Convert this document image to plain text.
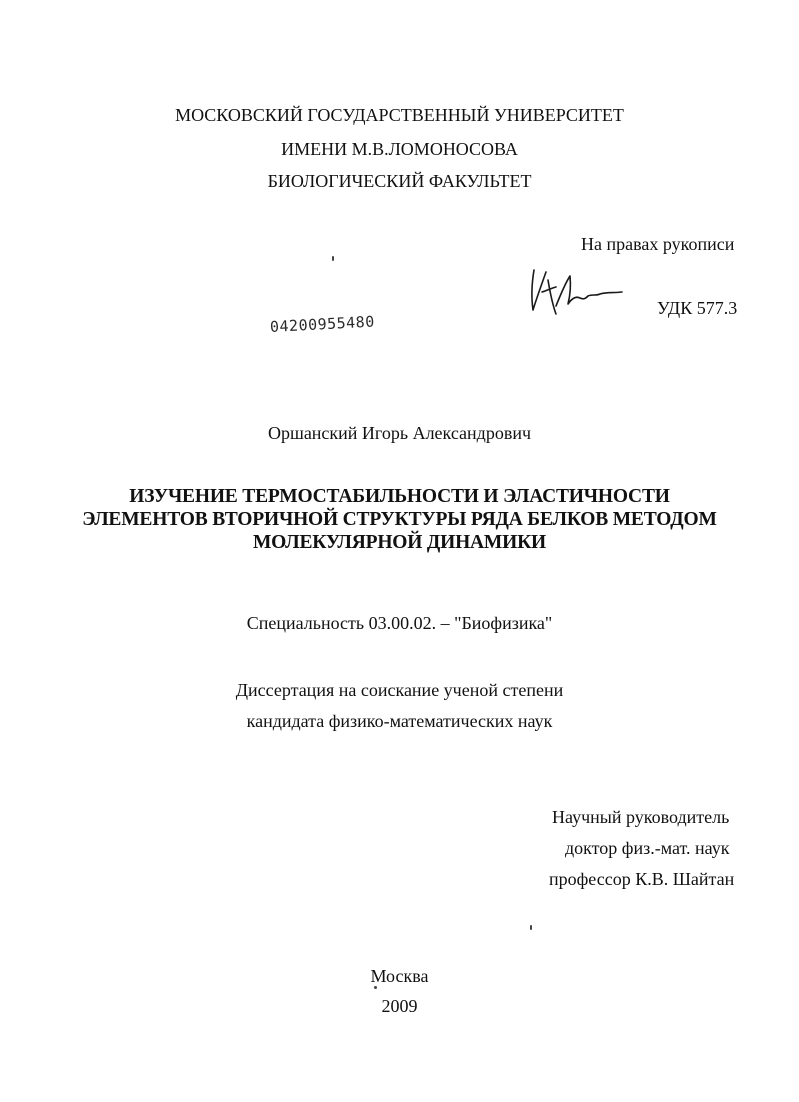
МОСКОВСКИЙ ГОСУДАРСТВЕННЫЙ УНИВЕРСИТЕТ
ИМЕНИ М.В.ЛОМОНОСОВА
БИОЛОГИЧЕСКИЙ ФАКУЛЬТЕТ
На правах рукописи
УДК 577.3
04200955480
Оршанский Игорь Александрович
ИЗУЧЕНИЕ ТЕРМОСТАБИЛЬНОСТИ И ЭЛАСТИЧНОСТИ
ЭЛЕМЕНТОВ ВТОРИЧНОЙ СТРУКТУРЫ РЯДА БЕЛКОВ МЕТОДОМ
МОЛЕКУЛЯРНОЙ ДИНАМИКИ
Специальность 03.00.02. – "Биофизика"
Диссертация на соискание ученой степени
кандидата физико-математических наук
Научный руководитель
доктор физ.-мат. наук
профессор К.В. Шайтан
Москва
2009
